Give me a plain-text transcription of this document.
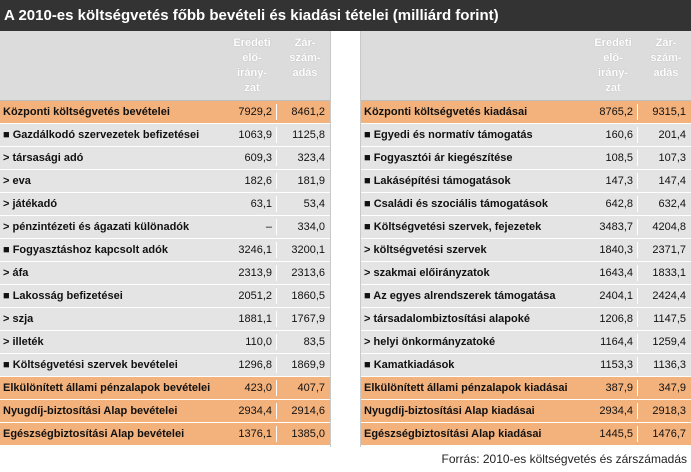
A 2010-es költségvetés főbb bevételi és kiadási tételei (milliárd forint)
Eredeti elő-irány-zat
Zár-szám-adás
Központi költségvetés bevételei	7929,2	8461,2
■ Gazdálkodó szervezetek befizetései	1063,9	1125,8
> társasági adó	609,3	323,4
> eva	182,6	181,9
> játékadó	63,1	53,4
> pénzintézeti és ágazati különadók	–	334,0
■ Fogyasztáshoz kapcsolt adók	3246,1	3200,1
> áfa	2313,9	2313,6
■ Lakosság befizetései	2051,2	1860,5
> szja	1881,1	1767,9
> illeték	110,0	83,5
■ Költségvetési szervek bevételei	1296,8	1869,9
Elkülönített állami pénzalapok bevételei	423,0	407,7
Nyugdíj-biztosítási Alap bevételei	2934,4	2914,6
Egészségbiztosítási Alap bevételei	1376,1	1385,0
Eredeti elő-irány-zat
Zár-szám-adás
Központi költségvetés kiadásai	8765,2	9315,1
■ Egyedi és normatív támogatás	160,6	201,4
■ Fogyasztói ár kiegészítése	108,5	107,3
■ Lakásépítési támogatások	147,3	147,4
■ Családi és szociális támogatások	642,8	632,4
■ Költségvetési szervek, fejezetek	3483,7	4204,8
> költségvetési szervek	1840,3	2371,7
> szakmai előirányzatok	1643,4	1833,1
■ Az egyes alrendszerek támogatása	2404,1	2424,4
> társadalombiztosítási alapoké	1206,8	1147,5
> helyi önkormányzatoké	1164,4	1259,4
■ Kamatkiadások	1153,3	1136,3
Elkülönített állami pénzalapok kiadásai	387,9	347,9
Nyugdíj-biztosítási Alap kiadásai	2934,4	2918,3
Egészségbiztosítási Alap kiadásai	1445,5	1476,7
Forrás: 2010-es költségvetés és zárszámadás
